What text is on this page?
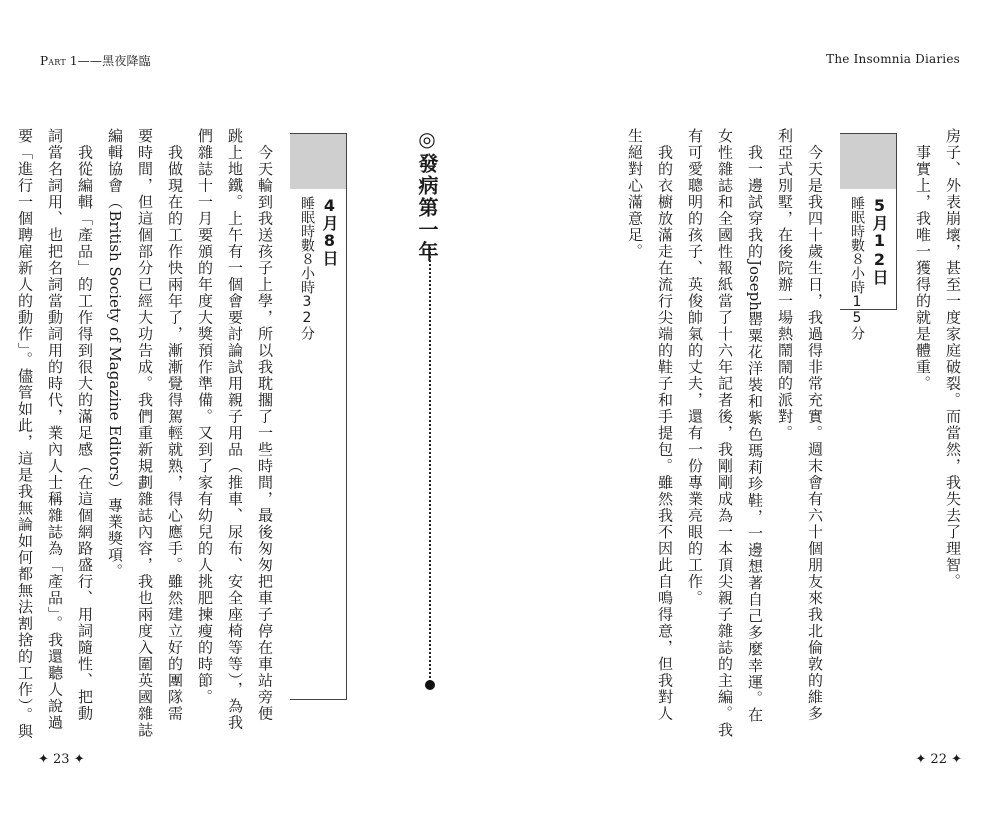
Part 1——黑夜降臨	The Insomnia Diaries
房子、外表崩壞，甚至一度家庭破裂。而當然，我失去了理智。
　事實上，我唯一獲得的就是體重。
5月12日
睡眠時數８小時15分
　今天是我四十歲生日，我過得非常充實。週末會有六十個朋友來我北倫敦的維多
利亞式別墅，在後院辦一場熱鬧鬧的派對。
　我一邊試穿我的Joseph罌粟花洋裝和紫色瑪莉珍鞋，一邊想著自己多麼幸運。在
女性雜誌和全國性報紙當了十六年記者後，我剛剛成為一本頂尖親子雜誌的主編。我
有可愛聰明的孩子、英俊帥氣的丈夫，還有一份專業亮眼的工作。
　我的衣櫥放滿走在流行尖端的鞋子和手提包。雖然我不因此自鳴得意，但我對人
生絕對心滿意足。
◎發病第一年
4月8日
睡眠時數８小時32分
　今天輪到我送孩子上學，所以我耽擱了一些時間，最後匆匆把車子停在車站旁便
跳上地鐵。上午有一個會要討論試用親子用品（推車、尿布、安全座椅等等），為我
們雜誌十一月要頒的年度大獎預作準備。又到了家有幼兒的人挑肥揀瘦的時節。
　我做現在的工作快兩年了，漸漸覺得駕輕就熟，得心應手。雖然建立好的團隊需
要時間，但這個部分已經大功告成。我們重新規劃雜誌內容，我也兩度入圍英國雜誌
編輯協會（British Society of Magazine Editors）專業獎項。
　我從編輯「產品」的工作得到很大的滿足感（在這個網路盛行、用詞隨性、把動
詞當名詞用、也把名詞當動詞用的時代，業內人士稱雜誌為「產品」。我還聽人說過
要「進行一個聘雇新人的動作」。儘管如此，這是我無論如何都無法割捨的工作）。與
✦ 23 ✦	✦ 22 ✦
